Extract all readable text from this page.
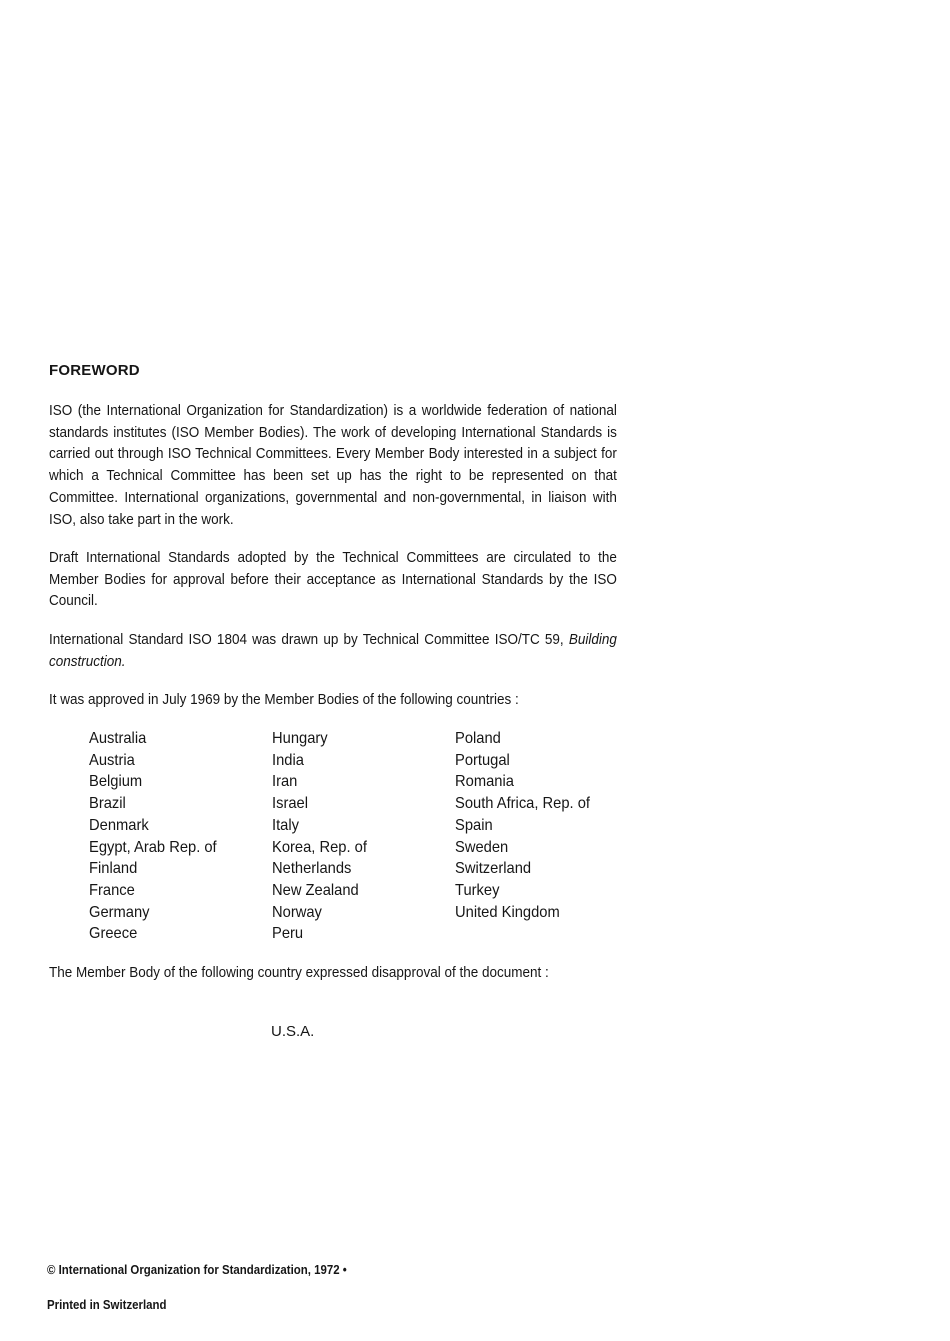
FOREWORD
ISO (the International Organization for Standardization) is a worldwide federation of national standards institutes (ISO Member Bodies). The work of developing International Standards is carried out through ISO Technical Committees. Every Member Body interested in a subject for which a Technical Committee has been set up has the right to be represented on that Committee. International organizations, governmental and non-governmental, in liaison with ISO, also take part in the work.
Draft International Standards adopted by the Technical Committees are circulated to the Member Bodies for approval before their acceptance as International Standards by the ISO Council.
International Standard ISO 1804 was drawn up by Technical Committee ISO/TC 59, Building construction.
It was approved in July 1969 by the Member Bodies of the following countries :
Australia
Austria
Belgium
Brazil
Denmark
Egypt, Arab Rep. of
Finland
France
Germany
Greece
Hungary
India
Iran
Israel
Italy
Korea, Rep. of
Netherlands
New Zealand
Norway
Peru
Poland
Portugal
Romania
South Africa, Rep. of
Spain
Sweden
Switzerland
Turkey
United Kingdom
The Member Body of the following country expressed disapproval of the document :
U.S.A.
© International Organization for Standardization, 1972 •
Printed in Switzerland
